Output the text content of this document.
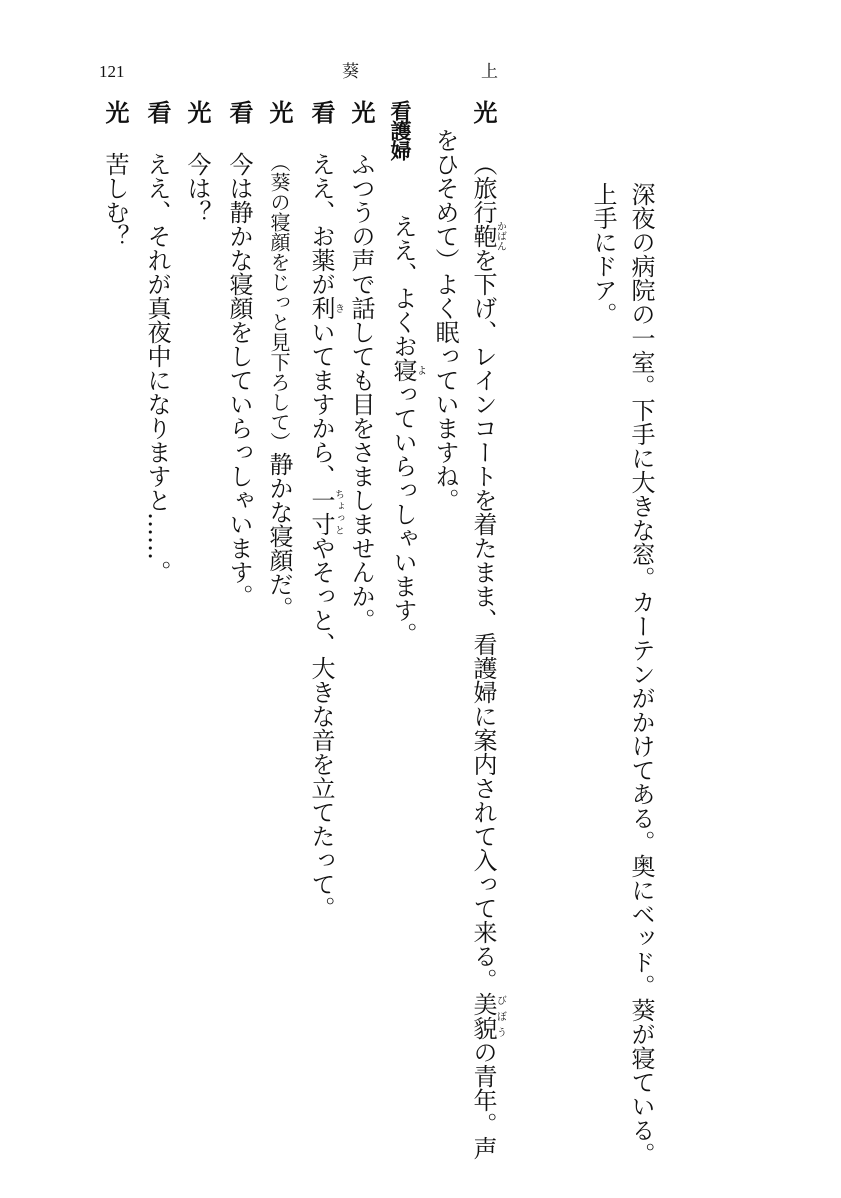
121	葵	上
深夜の病院の一室。下手に大きな窓。カーテンがかけてある。奥にベッド。葵が寝ている。
上手にドア。
光
（旅行鞄かばんを下げ、レインコートを着たまま、看護婦に案内されて入って来る。美貌びぼうの青年。声
をひそめて）よく眠っていますね。
看護婦
ええ、よくお寝よっていらっしゃいます。
光
ふつうの声で話しても目をさましませんか。
看
ええ、お薬が利きいてますから、一寸ちょっとやそっと、大きな音を立てたって。
光
（葵の寝顔をじっと見下ろして）静かな寝顔だ。
看
今は静かな寝顔をしていらっしゃいます。
光
今は？
看
ええ、それが真夜中になりますと……。
光
苦しむ？
